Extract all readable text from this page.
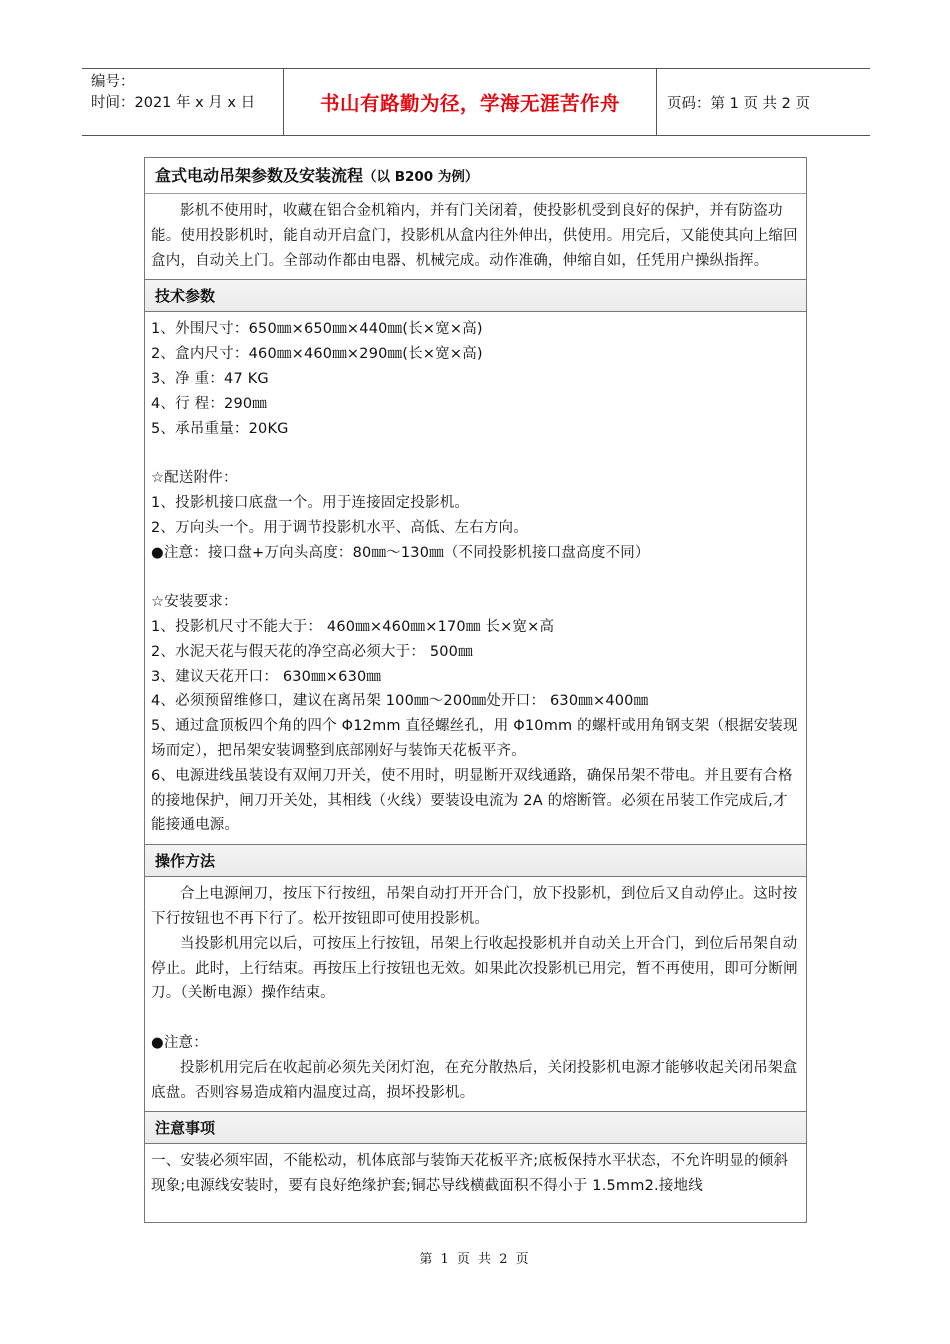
编号：
时间：2021 年 x 月 x 日	书山有路勤为径，学海无涯苦作舟	页码：第 1 页 共 2 页
盒式电动吊架参数及安装流程（以 B200 为例）

影机不使用时，收藏在铝合金机箱内，并有门关闭着，使投影机受到良好的保护，并有防盗功能。使用投影机时，能自动开启盒门，投影机从盒内往外伸出，供使用。用完后，又能使其向上缩回盒内，自动关上门。全部动作都由电器、机械完成。动作准确，伸缩自如，任凭用户操纵指挥。

技术参数

1、外围尺寸：650㎜×650㎜×440㎜(长×宽×高)

2、盒内尺寸：460㎜×460㎜×290㎜(长×宽×高)

3、净 重：47 KG

4、行 程：290㎜

5、承吊重量：20KG

☆配送附件：

1、投影机接口底盘一个。用于连接固定投影机。

2、万向头一个。用于调节投影机水平、高低、左右方向。

●注意：接口盘+万向头高度：80㎜～130㎜（不同投影机接口盘高度不同）

☆安装要求：

1、投影机尺寸不能大于： 460㎜×460㎜×170㎜ 长×宽×高

2、水泥天花与假天花的净空高必须大于： 500㎜

3、建议天花开口： 630㎜×630㎜

4、必须预留维修口，建议在离吊架 100㎜～200㎜处开口： 630㎜×400㎜

5、通过盒顶板四个角的四个 Φ12mm 直径螺丝孔，用 Φ10mm 的螺杆或用角钢支架（根据安装现场而定），把吊架安装调整到底部刚好与装饰天花板平齐。

6、电源进线虽装设有双闸刀开关，使不用时，明显断开双线通路，确保吊架不带电。并且要有合格的接地保护，闸刀开关处，其相线（火线）要装设电流为 2A 的熔断管。必须在吊装工作完成后,才能接通电源。

操作方法

合上电源闸刀，按压下行按纽，吊架自动打开开合门，放下投影机，到位后又自动停止。这时按下行按钮也不再下行了。松开按钮即可使用投影机。

当投影机用完以后，可按压上行按钮，吊架上行收起投影机并自动关上开合门，到位后吊架自动停止。此时，上行结束。再按压上行按钮也无效。如果此次投影机已用完，暂不再使用，即可分断闸刀。（关断电源）操作结束。

●注意：

投影机用完后在收起前必须先关闭灯泡，在充分散热后，关闭投影机电源才能够收起关闭吊架盒底盘。否则容易造成箱内温度过高，损坏投影机。

注意事项

一、安装必须牢固，不能松动，机体底部与装饰天花板平齐;底板保持水平状态，不允许明显的倾斜现象;电源线安装时，要有良好绝缘护套;铜芯导线横截面积不得小于 1.5mm2.接地线

第 1 页 共 2 页
